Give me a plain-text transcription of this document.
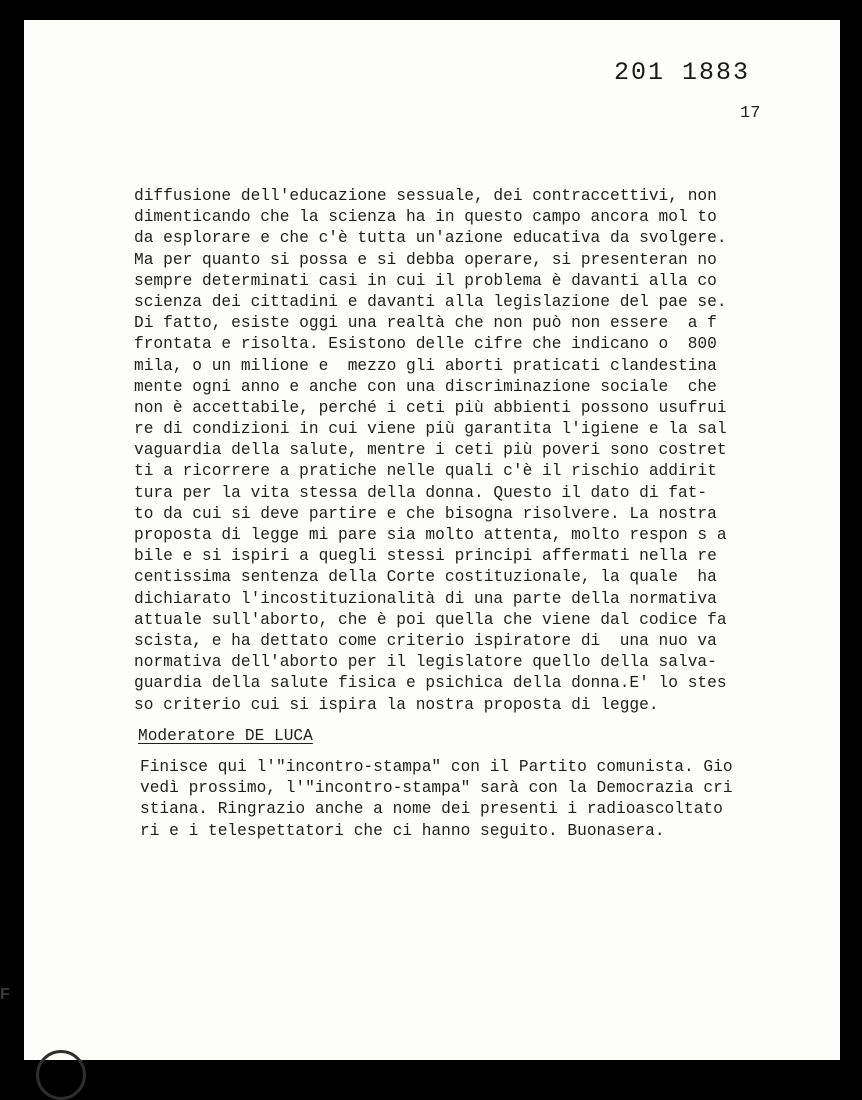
201 1883
17
diffusione dell'educazione sessuale, dei contraccettivi, non
dimenticando che la scienza ha in questo campo ancora mol to
da esplorare e che c'è tutta un'azione educativa da svolgere.
Ma per quanto si possa e si debba operare, si presenteran no
sempre determinati casi in cui il problema è davanti alla co
scienza dei cittadini e davanti alla legislazione del pae se.
Di fatto, esiste oggi una realtà che non può non essere  a f
frontata e risolta. Esistono delle cifre che indicano o  800
mila, o un milione e  mezzo gli aborti praticati clandestina
mente ogni anno e anche con una discriminazione sociale  che
non è accettabile, perché i ceti più abbienti possono usufrui
re di condizioni in cui viene più garantita l'igiene e la sal
vaguardia della salute, mentre i ceti più poveri sono costret
ti a ricorrere a pratiche nelle quali c'è il rischio addirit
tura per la vita stessa della donna. Questo il dato di fat-
to da cui si deve partire e che bisogna risolvere. La nostra
proposta di legge mi pare sia molto attenta, molto respon s a
bile e si ispiri a quegli stessi principi affermati nella re
centissima sentenza della Corte costituzionale, la quale  ha
dichiarato l'incostituzionalità di una parte della normativa
attuale sull'aborto, che è poi quella che viene dal codice fa
scista, e ha dettato come criterio ispiratore di  una nuo va
normativa dell'aborto per il legislatore quello della salva-
guardia della salute fisica e psichica della donna.E' lo stes
so criterio cui si ispira la nostra proposta di legge.
Moderatore DE LUCA
Finisce qui l'"incontro-stampa" con il Partito comunista. Gio
vedì prossimo, l'"incontro-stampa" sarà con la Democrazia cri
stiana. Ringrazio anche a nome dei presenti i radioascoltato
ri e i telespettatori che ci hanno seguito. Buonasera.
F
